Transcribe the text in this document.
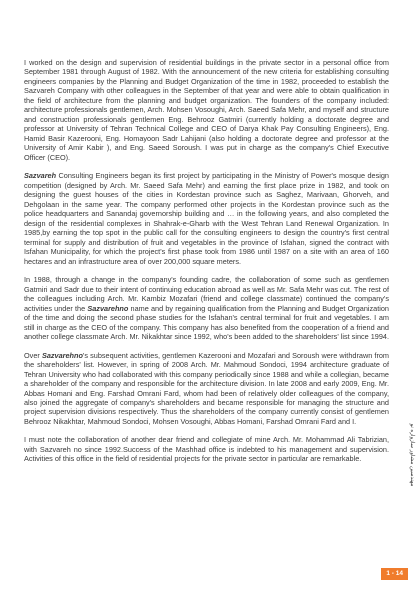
I worked on the design and supervision of residential buildings in the private sector in a personal office from September 1981 through August of 1982. With the announcement of the new criteria for establishing consulting engineers companies by the Planning and Budget Organization of the time in 1982, proceeded to establish the Sazvareh Company with other colleagues in the September of that year and were able to obtain qualification in the field of architecture from the planning and budget organization. The founders of the company included: architecture professionals gentlemen, Arch. Mohsen Vosoughi, Arch. Saeed Safa Mehr, and myself and structure and construction professionals gentlemen Eng. Behrooz Gatmiri (currently holding a doctorate degree and professor at University of Tehran Technical College and CEO of Darya Khak Pay Consulting Engineers), Eng. Hamid Basir Kazerooni, Eng. Homayoon Sadr Lahijani (also holding a doctorate degree and professor at the University of Amir Kabir ), and Eng. Saeed Soroush. I was put in charge as the company's Chief Executive Officer (CEO).

Sazvareh Consulting Engineers began its first project by participating in the Ministry of Power's mosque design competition (designed by Arch. Mr. Saeed Safa Mehr) and earning the first place prize in 1982, and took on designing the guest houses of the cities in Kordestan province such as Saghez, Marivaan, Ghorveh, and Dehgolaan in the same year. The company performed other projects in the Kordestan province such as the police headquarters and Sanandaj governorship building and … in the following years, and also completed the design of the residential complexes in Shahrak-e-Gharb with the West Tehran Land Renewal Organization. In 1985,by earning the top spot in the public call for the consulting engineers to design the country's first central terminal for supply and distribution of fruit and vegetables in the province of Isfahan, signed the contract with Isfahan Municipality, for which the project's first phase took from 1986 until 1987 on a site with an area of 160 hectares and an infrastructure area of over 200,000 square meters.

In 1988, through a change in the company's founding cadre, the collaboration of some such as gentlemen Gatmiri and Sadr due to their intent of continuing education abroad as well as Mr. Safa Mehr was cut. The rest of the colleagues including Arch. Mr. Kambiz Mozafari (friend and college classmate) continued the company's activities under the Sazvarehno name and by regaining qualification from the Planning and Budget Organization of the time and doing the second phase studies for the Isfahan's central terminal for fruit and vegetables. I am still in charge as the CEO of the company. This company has also benefited from the cooperation of a friend and another college classmate Arch. Mr. Nikakhtar since 1992, who's been added to the shareholders' list since 1994.

Over Sazvarehno's subsequent activities, gentlemen Kazerooni and Mozafari and Soroush were withdrawn from the shareholders' list. However, in spring of 2008 Arch. Mr. Mahmoud Sondoci, 1994 architecture graduate of Tehran University who had collaborated with this company periodically since 1988 and while a collegian, became a shareholder of the company and responsible for the architecture division. In late 2008 and early 2009, Eng. Mr. Abbas Homani and Eng. Farshad Omrani Fard, whom had been of relatively older colleagues of the company, also joined the aggregate of company's shareholders and became responsible for managing the structure and project supervision divisions respectively. Thus the shareholders of the company currently consist of gentlemen Behrooz Nikakhtar, Mahmoud Sondoci, Mohsen Vosoughi, Abbas Homani, Farshad Omrani Fard and I.

I must note the collaboration of another dear friend and collegiate of mine Arch. Mr. Mohammad Ali Tabrizian, with Sazvareh no since 1992.Success of the Mashhad office is indebted to his management and supervision. Activities of this office in the field of residential projects for the private sector in particular are remarkable.	مهندسین مشاور سازواره نو
1 - 14
